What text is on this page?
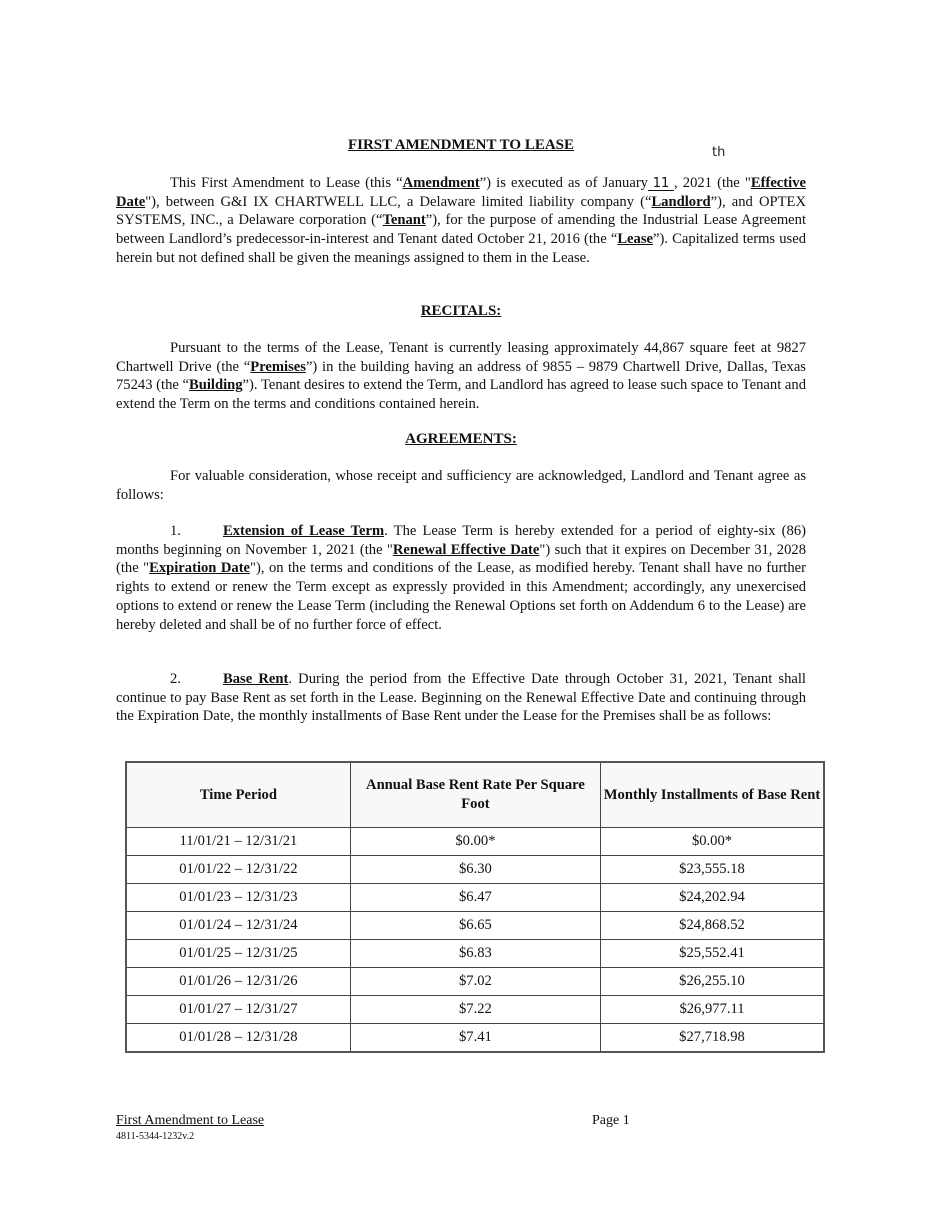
FIRST AMENDMENT TO LEASE	th
This First Amendment to Lease (this “Amendment”) is executed as of January 11 , 2021 (the "Effective Date"), between G&I IX CHARTWELL LLC, a Delaware limited liability company (“Landlord”), and OPTEX SYSTEMS, INC., a Delaware corporation (“Tenant”), for the purpose of amending the Industrial Lease Agreement between Landlord’s predecessor-in-interest and Tenant dated October 21, 2016 (the “Lease”). Capitalized terms used herein but not defined shall be given the meanings assigned to them in the Lease.
RECITALS:
Pursuant to the terms of the Lease, Tenant is currently leasing approximately 44,867 square feet at 9827 Chartwell Drive (the “Premises”) in the building having an address of 9855 – 9879 Chartwell Drive, Dallas, Texas 75243 (the “Building”). Tenant desires to extend the Term, and Landlord has agreed to lease such space to Tenant and extend the Term on the terms and conditions contained herein.
AGREEMENTS:
For valuable consideration, whose receipt and sufficiency are acknowledged, Landlord and Tenant agree as follows:
1.	Extension of Lease Term. The Lease Term is hereby extended for a period of eighty-six (86) months beginning on November 1, 2021 (the "Renewal Effective Date") such that it expires on December 31, 2028 (the "Expiration Date"), on the terms and conditions of the Lease, as modified hereby. Tenant shall have no further rights to extend or renew the Term except as expressly provided in this Amendment; accordingly, any unexercised options to extend or renew the Lease Term (including the Renewal Options set forth on Addendum 6 to the Lease) are hereby deleted and shall be of no further force of effect.
2.	Base Rent. During the period from the Effective Date through October 31, 2021, Tenant shall continue to pay Base Rent as set forth in the Lease. Beginning on the Renewal Effective Date and continuing through the Expiration Date, the monthly installments of Base Rent under the Lease for the Premises shall be as follows:
Time Period	Annual Base Rent Rate Per Square Foot	Monthly Installments of Base Rent
11/01/21 – 12/31/21	$0.00*	$0.00*
01/01/22 – 12/31/22	$6.30	$23,555.18
01/01/23 – 12/31/23	$6.47	$24,202.94
01/01/24 – 12/31/24	$6.65	$24,868.52
01/01/25 – 12/31/25	$6.83	$25,552.41
01/01/26 – 12/31/26	$7.02	$26,255.10
01/01/27 – 12/31/27	$7.22	$26,977.11
01/01/28 – 12/31/28	$7.41	$27,718.98
First Amendment to Lease
4811-5344-1232v.2
Page 1
